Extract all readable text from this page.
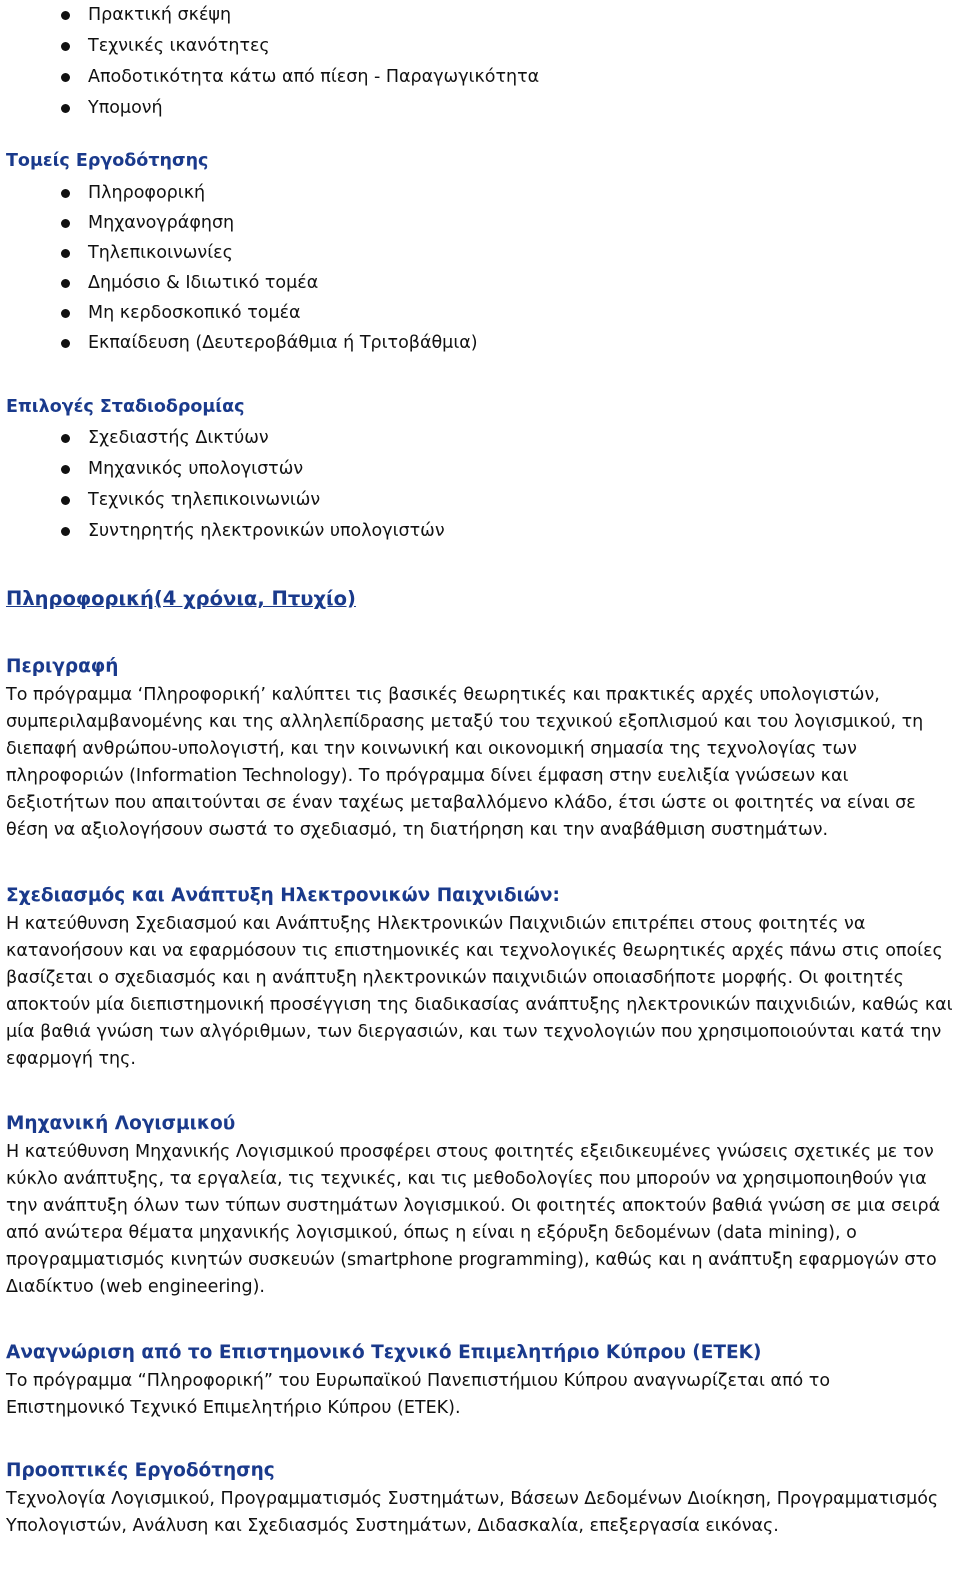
Πρακτική σκέψη
Τεχνικές ικανότητες
Αποδοτικότητα κάτω από πίεση - Παραγωγικότητα
Υπομονή
Τομείς Εργοδότησης
Πληροφορική
Μηχανογράφηση
Τηλεπικοινωνίες
Δημόσιο & Ιδιωτικό τομέα
Μη κερδοσκοπικό τομέα
Εκπαίδευση (Δευτεροβάθμια ή Τριτοβάθμια)
Επιλογές Σταδιοδρομίας
Σχεδιαστής Δικτύων
Μηχανικός υπολογιστών
Τεχνικός τηλεπικοινωνιών
Συντηρητής ηλεκτρονικών υπολογιστών
Πληροφορική(4 χρόνια, Πτυχίο)
Περιγραφή

Το πρόγραμμα ‘Πληροφορική’ καλύπτει τις βασικές θεωρητικές και πρακτικές αρχές υπολογιστών, συμπεριλαμβανομένης και της αλληλεπίδρασης μεταξύ του τεχνικού εξοπλισμού και του λογισμικού, τη διεπαφή ανθρώπου-υπολογιστή, και την κοινωνική και οικονομική σημασία της τεχνολογίας των πληροφοριών (Information Technology). Το πρόγραμμα δίνει έμφαση στην ευελιξία γνώσεων και δεξιοτήτων που απαιτούνται σε έναν ταχέως μεταβαλλόμενο κλάδο, έτσι ώστε οι φοιτητές να είναι σε θέση να αξιολογήσουν σωστά το σχεδιασμό, τη διατήρηση και την αναβάθμιση συστημάτων.

Σχεδιασμός και Ανάπτυξη Ηλεκτρονικών Παιχνιδιών:

Η κατεύθυνση Σχεδιασμού και Ανάπτυξης Ηλεκτρονικών Παιχνιδιών επιτρέπει στους φοιτητές να κατανοήσουν και να εφαρμόσουν τις επιστημονικές και τεχνολογικές θεωρητικές αρχές πάνω στις οποίες βασίζεται ο σχεδιασμός και η ανάπτυξη ηλεκτρονικών παιχνιδιών οποιασδήποτε μορφής. Οι φοιτητές αποκτούν μία διεπιστημονική προσέγγιση της διαδικασίας ανάπτυξης ηλεκτρονικών παιχνιδιών, καθώς και μία βαθιά γνώση των αλγόριθμων, των διεργασιών, και των τεχνολογιών που χρησιμοποιούνται κατά την εφαρμογή της.

Μηχανική Λογισμικού

Η κατεύθυνση Μηχανικής Λογισμικού προσφέρει στους φοιτητές εξειδικευμένες γνώσεις σχετικές με τον κύκλο ανάπτυξης, τα εργαλεία, τις τεχνικές, και τις μεθοδολογίες που μπορούν να χρησιμοποιηθούν για την ανάπτυξη όλων των τύπων συστημάτων λογισμικού. Οι φοιτητές αποκτούν βαθιά γνώση σε μια σειρά από ανώτερα θέματα μηχανικής λογισμικού, όπως η είναι η εξόρυξη δεδομένων (data mining), ο προγραμματισμός κινητών συσκευών (smartphone programming), καθώς και η ανάπτυξη εφαρμογών στο Διαδίκτυο (web engineering).

Αναγνώριση από το Επιστημονικό Τεχνικό Επιμελητήριο Κύπρου (ΕΤΕΚ)

Το πρόγραμμα “Πληροφορική” του Ευρωπαϊκού Πανεπιστήμιου Κύπρου αναγνωρίζεται από το Επιστημονικό Τεχνικό Επιμελητήριο Κύπρου (ΕΤΕΚ).

Προοπτικές Εργοδότησης

Τεχνολογία Λογισμικού, Προγραμματισμός Συστημάτων, Βάσεων Δεδομένων Διοίκηση, Προγραμματισμός Υπολογιστών, Ανάλυση και Σχεδιασμός Συστημάτων, Διδασκαλία, επεξεργασία εικόνας.
